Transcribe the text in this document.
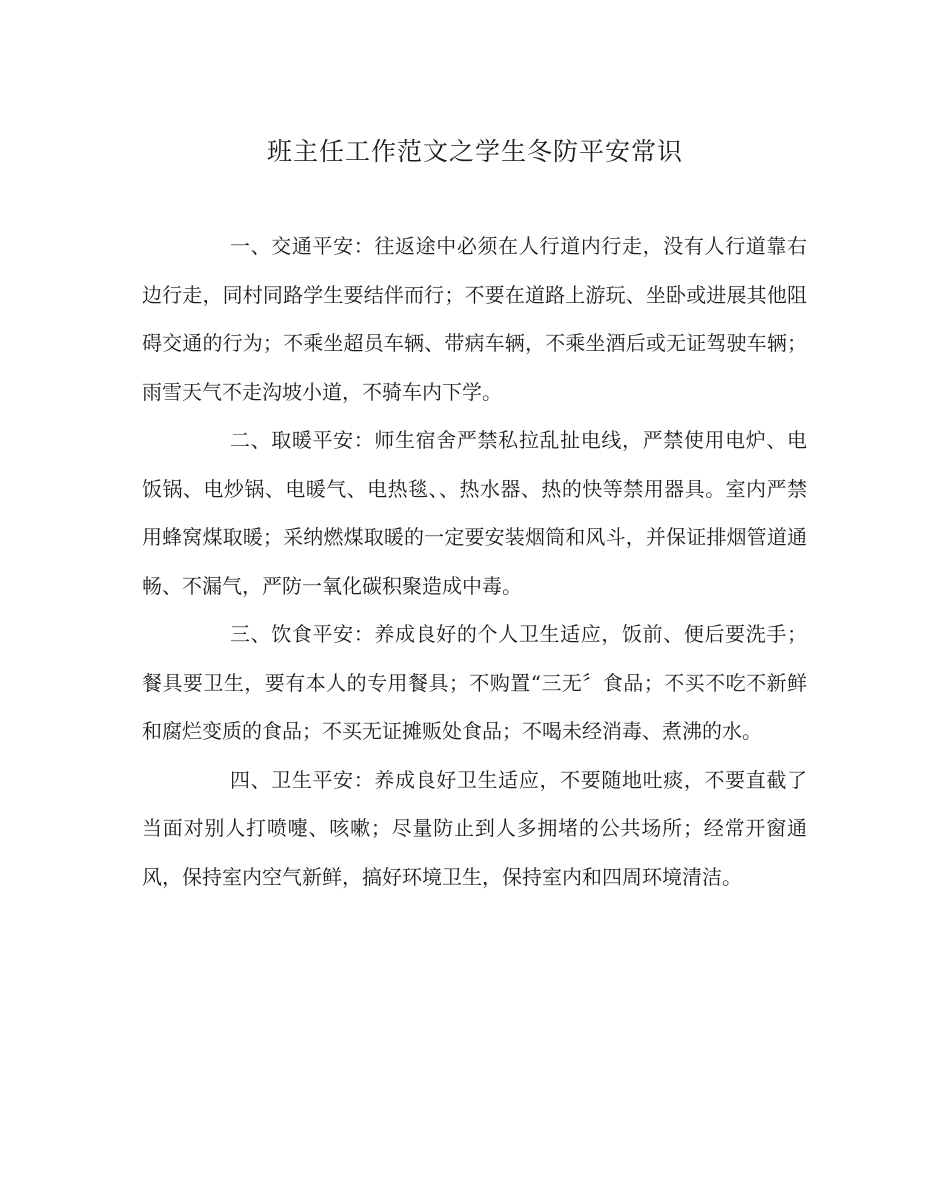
班主任工作范文之学生冬防平安常识

一、交通平安：往返途中必须在人行道内行走，没有人行道靠右边行走，同村同路学生要结伴而行；不要在道路上游玩、坐卧或进展其他阻碍交通的行为；不乘坐超员车辆、带病车辆，不乘坐酒后或无证驾驶车辆；雨雪天气不走沟坡小道，不骑车内下学。

二、取暖平安：师生宿舍严禁私拉乱扯电线，严禁使用电炉、电饭锅、电炒锅、电暖气、电热毯、、热水器、热的快等禁用器具。室内严禁用蜂窝煤取暖；采纳燃煤取暖的一定要安装烟筒和风斗，并保证排烟管道通畅、不漏气，严防一氧化碳积聚造成中毒。

三、饮食平安：养成良好的个人卫生适应，饭前、便后要洗手；餐具要卫生，要有本人的专用餐具；不购置“三无〞食品；不买不吃不新鲜和腐烂变质的食品；不买无证摊贩处食品；不喝未经消毒、煮沸的水。

四、卫生平安：养成良好卫生适应，不要随地吐痰，不要直截了当面对别人打喷嚏、咳嗽；尽量防止到人多拥堵的公共场所；经常开窗通风，保持室内空气新鲜，搞好环境卫生，保持室内和四周环境清洁。
